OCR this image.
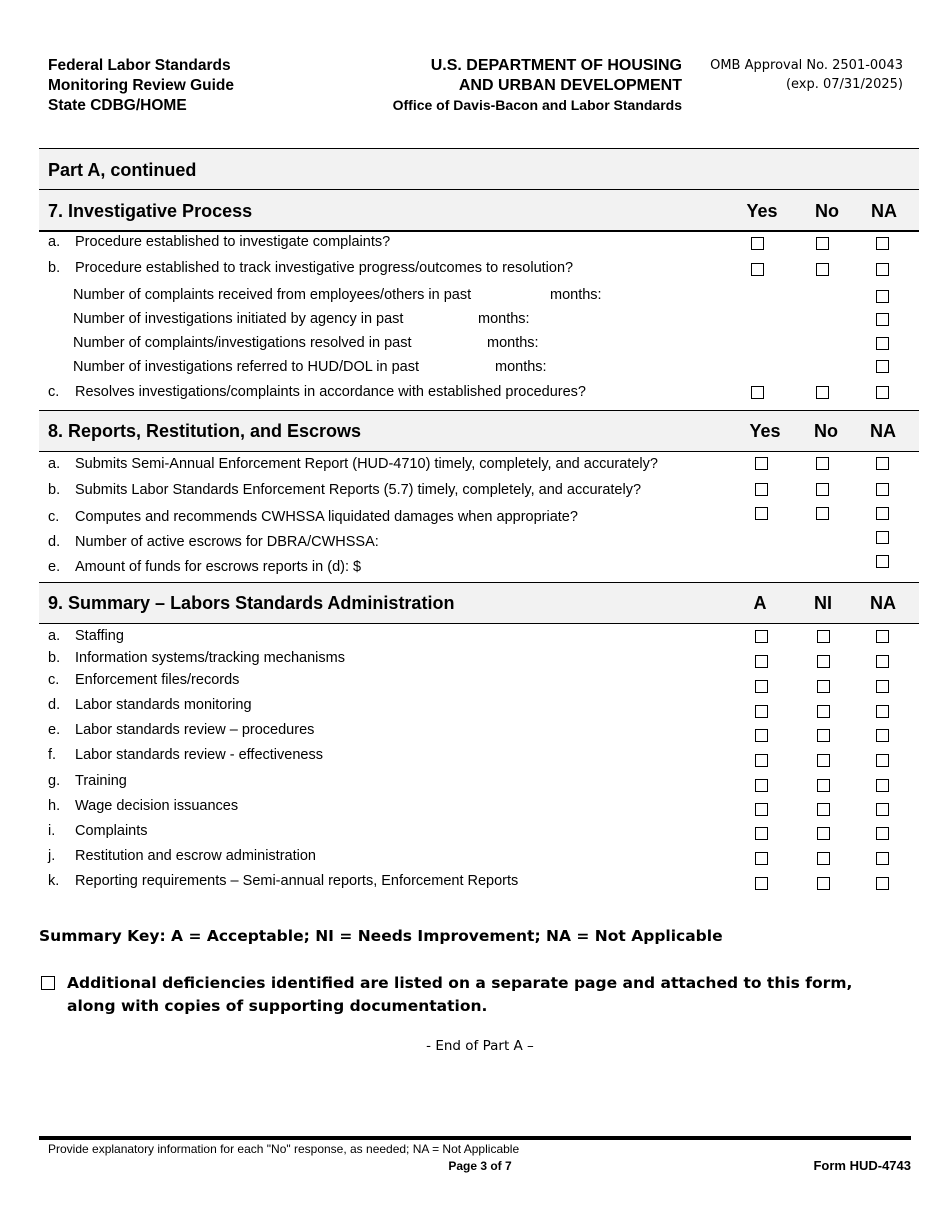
Federal Labor Standards
Monitoring Review Guide
State CDBG/HOME
U.S. DEPARTMENT OF HOUSING
AND URBAN DEVELOPMENT
Office of Davis-Bacon and Labor Standards
OMB Approval No. 2501-0043
(exp. 07/31/2025)
Part A, continued
7. Investigative Process	Yes	No	NA
a. Procedure established to investigate complaints?
b. Procedure established to track investigative progress/outcomes to resolution?
Number of complaints received from employees/others in past	months:
Number of investigations initiated by agency in past	months:
Number of complaints/investigations resolved in past	months:
Number of investigations referred to HUD/DOL in past	months:
c. Resolves investigations/complaints in accordance with established procedures?
8. Reports, Restitution, and Escrows	Yes	No	NA
a. Submits Semi-Annual Enforcement Report (HUD-4710) timely, completely, and accurately?
b. Submits Labor Standards Enforcement Reports (5.7) timely, completely, and accurately?
c. Computes and recommends CWHSSA liquidated damages when appropriate?
d. Number of active escrows for DBRA/CWHSSA:
e. Amount of funds for escrows reports in (d): $
9. Summary – Labors Standards Administration	A	NI	NA
a. Staffing
b. Information systems/tracking mechanisms
c. Enforcement files/records
d. Labor standards monitoring
e. Labor standards review – procedures
f. Labor standards review - effectiveness
g. Training
h. Wage decision issuances
i. Complaints
j. Restitution and escrow administration
k. Reporting requirements – Semi-annual reports, Enforcement Reports
Summary Key: A = Acceptable; NI = Needs Improvement; NA = Not Applicable
Additional deficiencies identified are listed on a separate page and attached to this form, along with copies of supporting documentation.
- End of Part A –
Provide explanatory information for each "No" response, as needed; NA = Not Applicable
Page 3 of 7	Form HUD-4743
